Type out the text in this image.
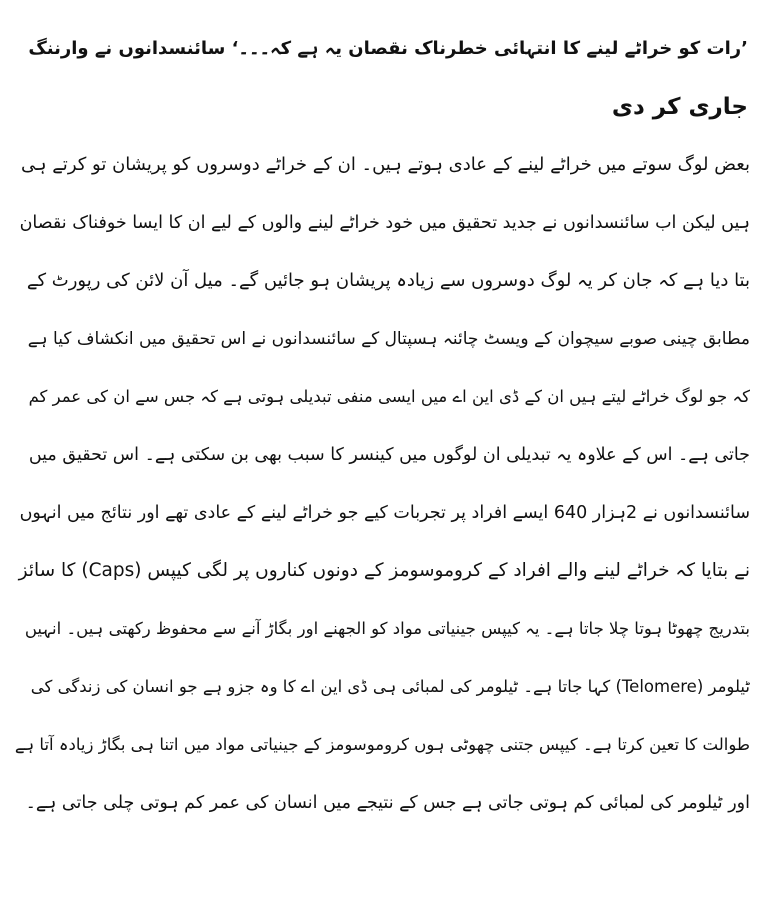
’رات کو خراٹے لینے کا انتہائی خطرناک نقصان یہ ہے کہ۔۔۔‘ سائنسدانوں نے وارننگ
جاری کر دی

بعض لوگ سوتے میں خراٹے لینے کے عادی ہوتے ہیں۔ ان کے خراٹے دوسروں کو پریشان تو کرتے ہی
ہیں لیکن اب سائنسدانوں نے جدید تحقیق میں خود خراٹے لینے والوں کے لیے ان کا ایسا خوفناک نقصان
بتا دیا ہے کہ جان کر یہ لوگ دوسروں سے زیادہ پریشان ہو جائیں گے۔ میل آن لائن کی رپورٹ کے
مطابق چینی صوبے سیچوان کے ویسٹ چائنہ ہسپتال کے سائنسدانوں نے اس تحقیق میں انکشاف کیا ہے
کہ جو لوگ خراٹے لیتے ہیں ان کے ڈی این اے میں ایسی منفی تبدیلی ہوتی ہے کہ جس سے ان کی عمر کم
جاتی ہے۔ اس کے علاوہ یہ تبدیلی ان لوگوں میں کینسر کا سبب بھی بن سکتی ہے۔ اس تحقیق میں
سائنسدانوں نے 2ہزار 640 ایسے افراد پر تجربات کیے جو خراٹے لینے کے عادی تھے اور نتائج میں انہوں
نے بتایا کہ خراٹے لینے والے افراد کے کروموسومز کے دونوں کناروں پر لگی کیپس (Caps) کا سائز
بتدریج چھوٹا ہوتا چلا جاتا ہے۔ یہ کیپس جینیاتی مواد کو الجھنے اور بگاڑ آنے سے محفوظ رکھتی ہیں۔ انہیں
ٹیلومر (Telomere) کہا جاتا ہے۔ ٹیلومر کی لمبائی ہی ڈی این اے کا وہ جزو ہے جو انسان کی زندگی کی
طوالت کا تعین کرتا ہے۔ کیپس جتنی چھوٹی ہوں کروموسومز کے جینیاتی مواد میں اتنا ہی بگاڑ زیادہ آتا ہے
اور ٹیلومر کی لمبائی کم ہوتی جاتی ہے جس کے نتیجے میں انسان کی عمر کم ہوتی چلی جاتی ہے۔
